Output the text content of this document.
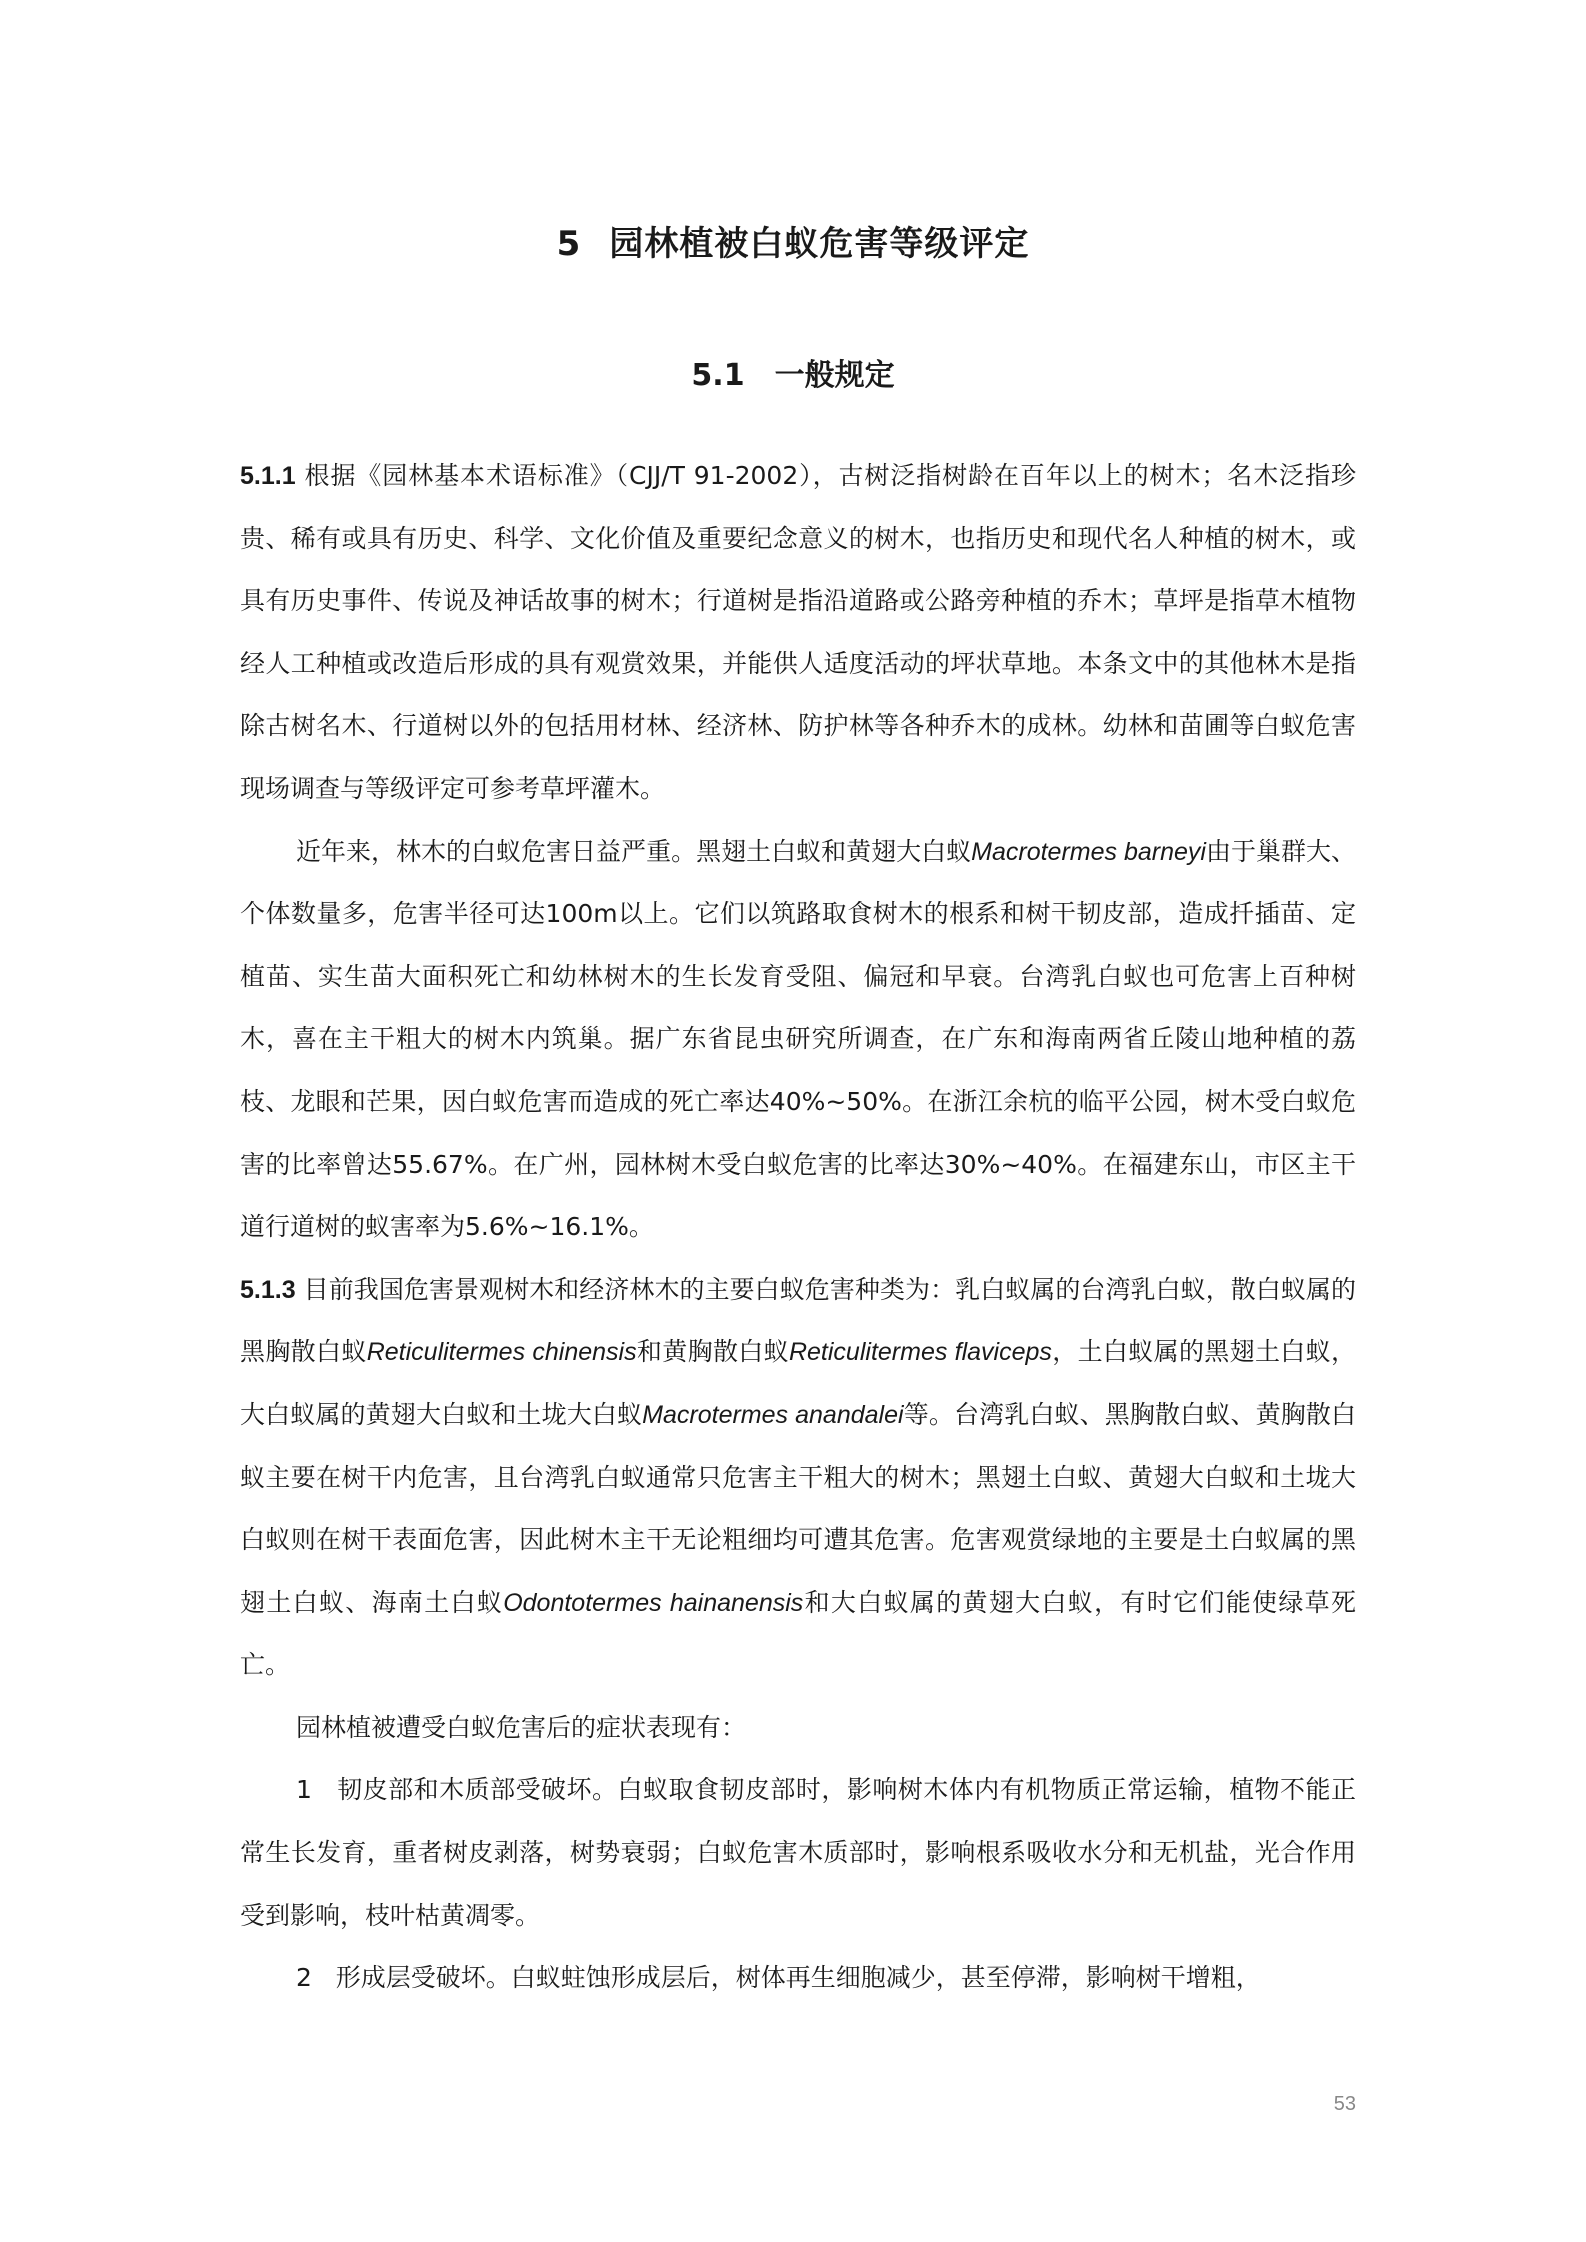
5 园林植被白蚁危害等级评定
5.1 一般规定

5.1.1 根据《园林基本术语标准》（CJJ/T 91-2002），古树泛指树龄在百年以上的树木；名木泛指珍贵、稀有或具有历史、科学、文化价值及重要纪念意义的树木，也指历史和现代名人种植的树木，或具有历史事件、传说及神话故事的树木；行道树是指沿道路或公路旁种植的乔木；草坪是指草木植物经人工种植或改造后形成的具有观赏效果，并能供人适度活动的坪状草地。本条文中的其他林木是指除古树名木、行道树以外的包括用材林、经济林、防护林等各种乔木的成林。幼林和苗圃等白蚁危害现场调查与等级评定可参考草坪灌木。

近年来，林木的白蚁危害日益严重。黑翅土白蚁和黄翅大白蚁Macrotermes barneyi由于巢群大、个体数量多，危害半径可达100m以上。它们以筑路取食树木的根系和树干韧皮部，造成扦插苗、定植苗、实生苗大面积死亡和幼林树木的生长发育受阻、偏冠和早衰。台湾乳白蚁也可危害上百种树木，喜在主干粗大的树木内筑巢。据广东省昆虫研究所调查，在广东和海南两省丘陵山地种植的荔枝、龙眼和芒果，因白蚁危害而造成的死亡率达40%~50%。在浙江余杭的临平公园，树木受白蚁危害的比率曾达55.67%。在广州，园林树木受白蚁危害的比率达30%~40%。在福建东山，市区主干道行道树的蚁害率为5.6%~16.1%。

5.1.3 目前我国危害景观树木和经济林木的主要白蚁危害种类为：乳白蚁属的台湾乳白蚁，散白蚁属的黑胸散白蚁Reticulitermes chinensis和黄胸散白蚁Reticulitermes flaviceps，土白蚁属的黑翅土白蚁，大白蚁属的黄翅大白蚁和土垅大白蚁Macrotermes anandalei等。台湾乳白蚁、黑胸散白蚁、黄胸散白蚁主要在树干内危害，且台湾乳白蚁通常只危害主干粗大的树木；黑翅土白蚁、黄翅大白蚁和土垅大白蚁则在树干表面危害，因此树木主干无论粗细均可遭其危害。危害观赏绿地的主要是土白蚁属的黑翅土白蚁、海南土白蚁Odontotermes hainanensis和大白蚁属的黄翅大白蚁，有时它们能使绿草死亡。

园林植被遭受白蚁危害后的症状表现有：

1 韧皮部和木质部受破坏。白蚁取食韧皮部时，影响树木体内有机物质正常运输，植物不能正常生长发育，重者树皮剥落，树势衰弱；白蚁危害木质部时，影响根系吸收水分和无机盐，光合作用受到影响，枝叶枯黄凋零。

2 形成层受破坏。白蚁蛀蚀形成层后，树体再生细胞减少，甚至停滞，影响树干增粗，

53
